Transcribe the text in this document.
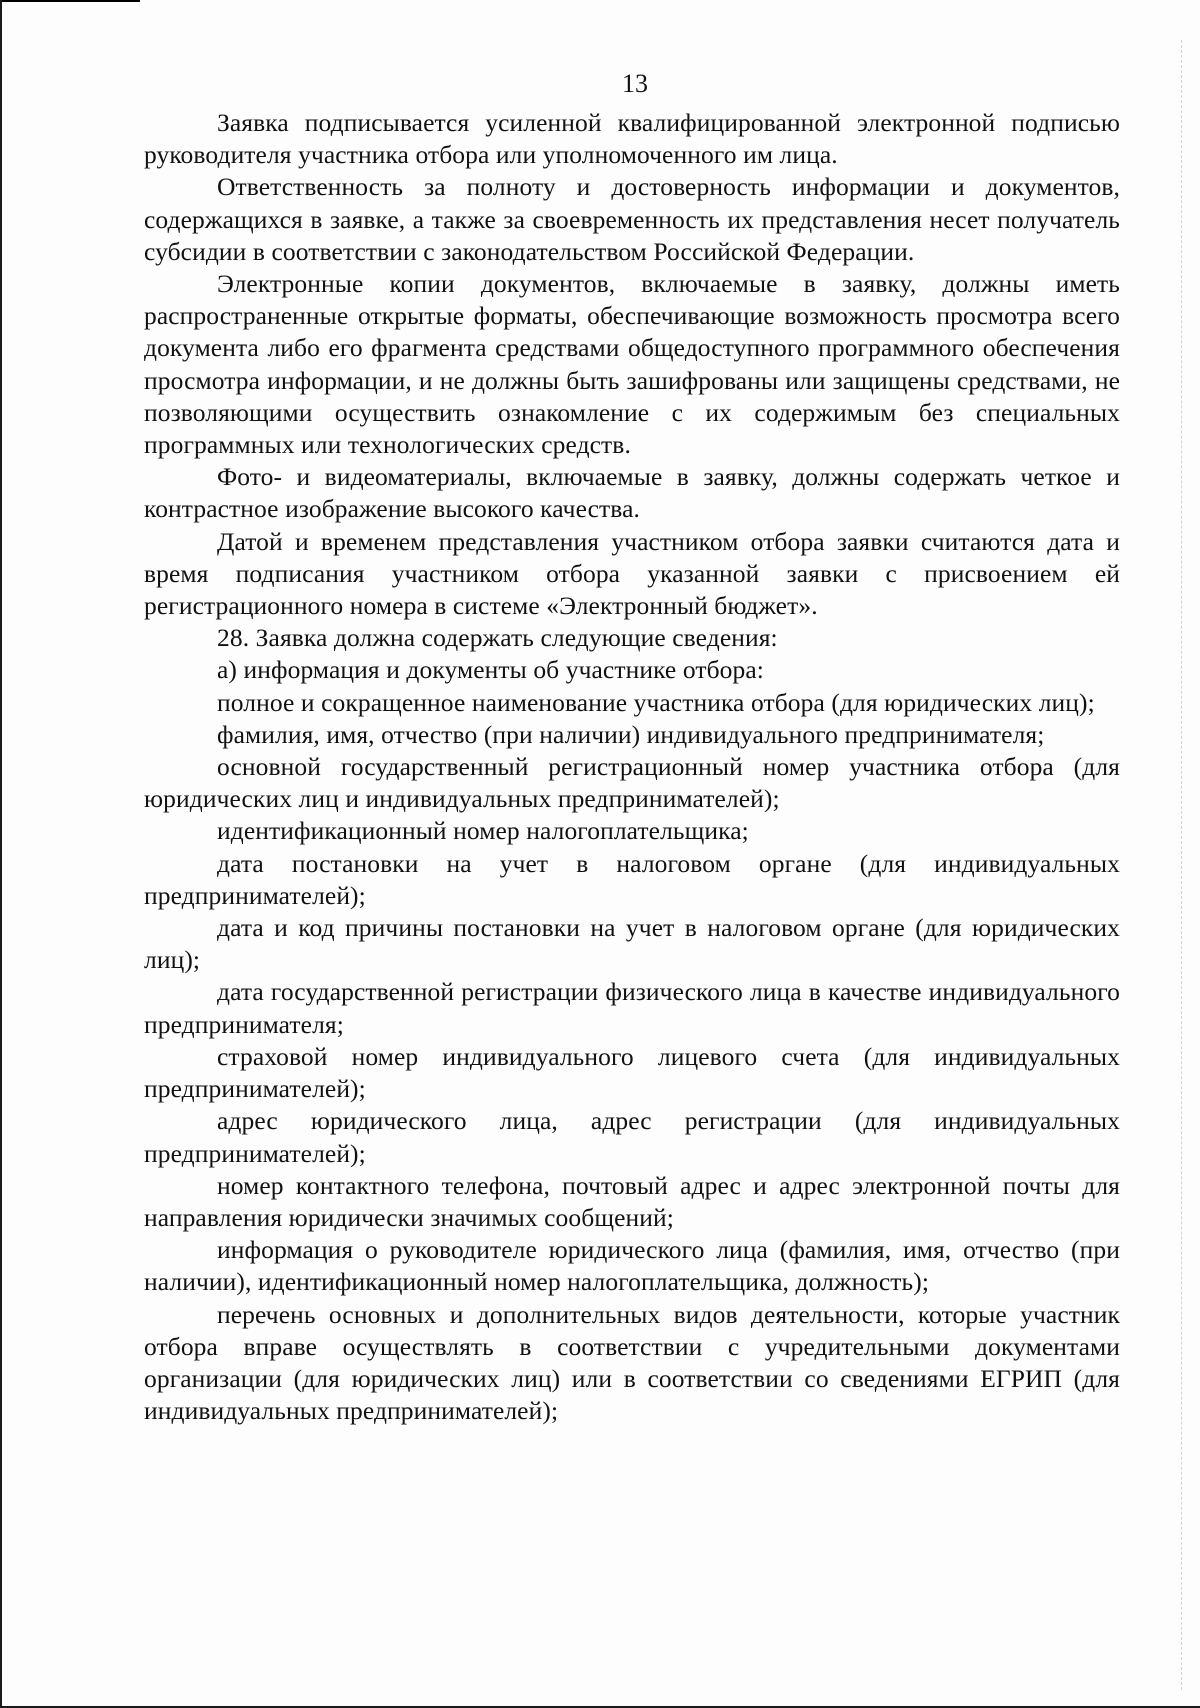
13

Заявка подписывается усиленной квалифицированной электронной подписью руководителя участника отбора или уполномоченного им лица.

Ответственность за полноту и достоверность информации и документов, содержащихся в заявке, а также за своевременность их представления несет получатель субсидии в соответствии с законодательством Российской Федерации.

Электронные копии документов, включаемые в заявку, должны иметь распространенные открытые форматы, обеспечивающие возможность просмотра всего документа либо его фрагмента средствами общедоступного программного обеспечения просмотра информации, и не должны быть зашифрованы или защищены средствами, не позволяющими осуществить ознакомление с их содержимым без специальных программных или технологических средств.

Фото- и видеоматериалы, включаемые в заявку, должны содержать четкое и контрастное изображение высокого качества.

Датой и временем представления участником отбора заявки считаются дата и время подписания участником отбора указанной заявки с присвоением ей регистрационного номера в системе «Электронный бюджет».

28. Заявка должна содержать следующие сведения:

а) информация и документы об участнике отбора:

полное и сокращенное наименование участника отбора (для юридических лиц);

фамилия, имя, отчество (при наличии) индивидуального предпринимателя;

основной государственный регистрационный номер участника отбора (для юридических лиц и индивидуальных предпринимателей);

идентификационный номер налогоплательщика;

дата постановки на учет в налоговом органе (для индивидуальных предпринимателей);

дата и код причины постановки на учет в налоговом органе (для юридических лиц);

дата государственной регистрации физического лица в качестве индивидуального предпринимателя;

страховой номер индивидуального лицевого счета (для индивидуальных предпринимателей);

адрес юридического лица, адрес регистрации (для индивидуальных предпринимателей);

номер контактного телефона, почтовый адрес и адрес электронной почты для направления юридически значимых сообщений;

информация о руководителе юридического лица (фамилия, имя, отчество (при наличии), идентификационный номер налогоплательщика, должность);

перечень основных и дополнительных видов деятельности, которые участник отбора вправе осуществлять в соответствии с учредительными документами организации (для юридических лиц) или в соответствии со сведениями ЕГРИП (для индивидуальных предпринимателей);
